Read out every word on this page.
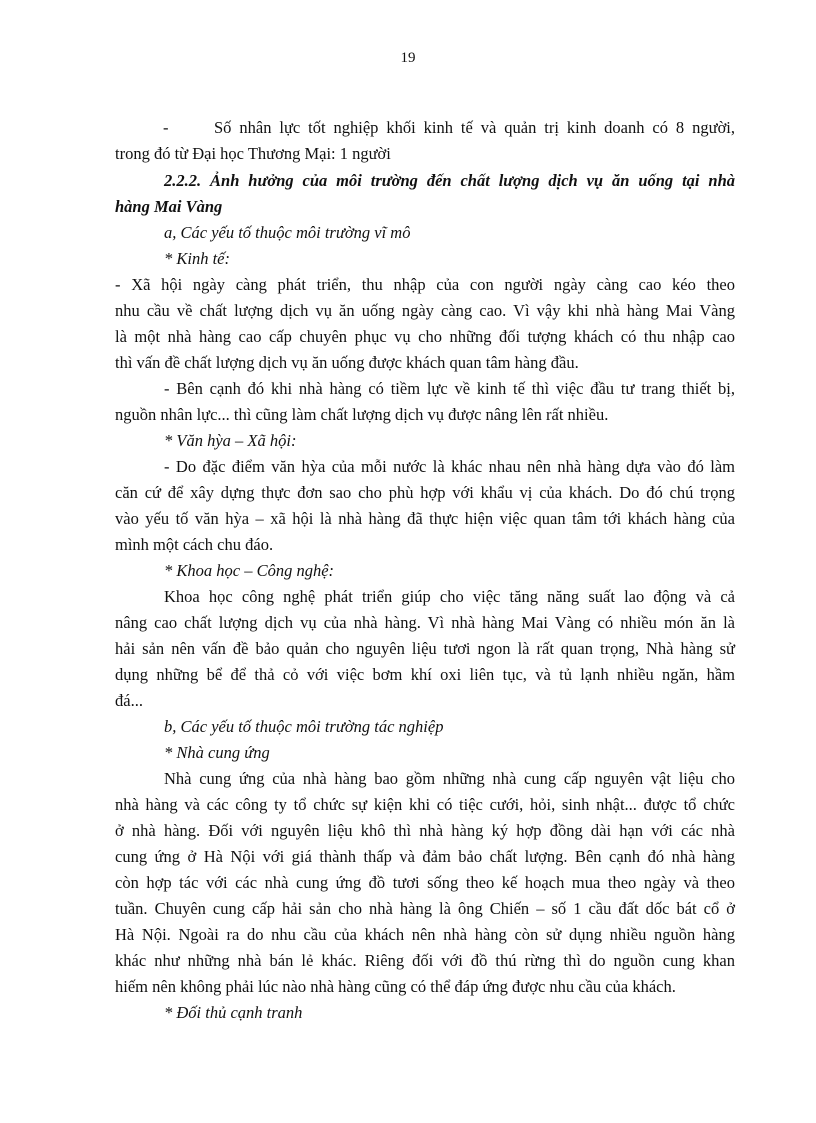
19
-	Số nhân lực tốt nghiệp khối kinh tế và quản trị kinh doanh có 8 người,
trong đó từ Đại học Thương Mại: 1 người
2.2.2. Ảnh hưởng của môi trường đến chất lượng dịch vụ ăn uống tại nhà
hàng Mai Vàng
a, Các yếu tố thuộc môi trường vĩ mô
* Kinh tế:
- Xã hội ngày càng phát triển, thu nhập của con người ngày càng cao kéo theo
nhu cầu về chất lượng dịch vụ ăn uống ngày càng cao. Vì vậy khi nhà hàng Mai Vàng
là một nhà hàng cao cấp chuyên phục vụ cho những đối tượng khách có thu nhập cao
thì vấn đề chất lượng dịch vụ ăn uống được khách quan tâm hàng đầu.
- Bên cạnh đó khi nhà hàng có tiềm lực về kinh tế thì việc đầu tư trang thiết bị,
nguồn nhân lực... thì cũng làm chất lượng dịch vụ được nâng lên rất nhiều.
* Văn hỳa – Xã hội:
- Do đặc điểm văn hỳa của mỗi nước là khác nhau nên nhà hàng dựa vào đó làm
căn cứ để xây dựng thực đơn sao cho phù hợp với khẩu vị của khách. Do đó chú trọng
vào yếu tố văn hỳa – xã hội là nhà hàng đã thực hiện việc quan tâm tới khách hàng của
mình một cách chu đáo.
* Khoa học – Công nghệ:
Khoa học công nghệ phát triển giúp cho việc tăng năng suất lao động và cả
nâng cao chất lượng dịch vụ của nhà hàng. Vì nhà hàng Mai Vàng có nhiều món ăn là
hải sản nên vấn đề bảo quản cho nguyên liệu tươi ngon là rất quan trọng, Nhà hàng sử
dụng những bể để thả cỏ với việc bơm khí oxi liên tục, và tủ lạnh nhiều ngăn, hầm
đá...
b, Các yếu tố thuộc môi trường tác nghiệp
* Nhà cung ứng
Nhà cung ứng của nhà hàng bao gồm những nhà cung cấp nguyên vật liệu cho
nhà hàng và các công ty tổ chức sự kiện khi có tiệc cưới, hỏi, sinh nhật... được tổ chức
ở nhà hàng. Đối với nguyên liệu khô thì nhà hàng ký hợp đồng dài hạn với các nhà
cung ứng ở Hà Nội với giá thành thấp và đảm bảo chất lượng. Bên cạnh đó nhà hàng
còn hợp tác với các nhà cung ứng đồ tươi sống theo kế hoạch mua theo ngày và theo
tuần. Chuyên cung cấp hải sản cho nhà hàng là ông Chiến – số 1 cầu đất dốc bát cổ ở
Hà Nội. Ngoài ra do nhu cầu của khách nên nhà hàng còn sử dụng nhiều nguồn hàng
khác như những nhà bán lẻ khác. Riêng đối với đồ thú rừng thì do nguồn cung khan
hiếm nên không phải lúc nào nhà hàng cũng có thể đáp ứng được nhu cầu của khách.
* Đối thủ cạnh tranh
